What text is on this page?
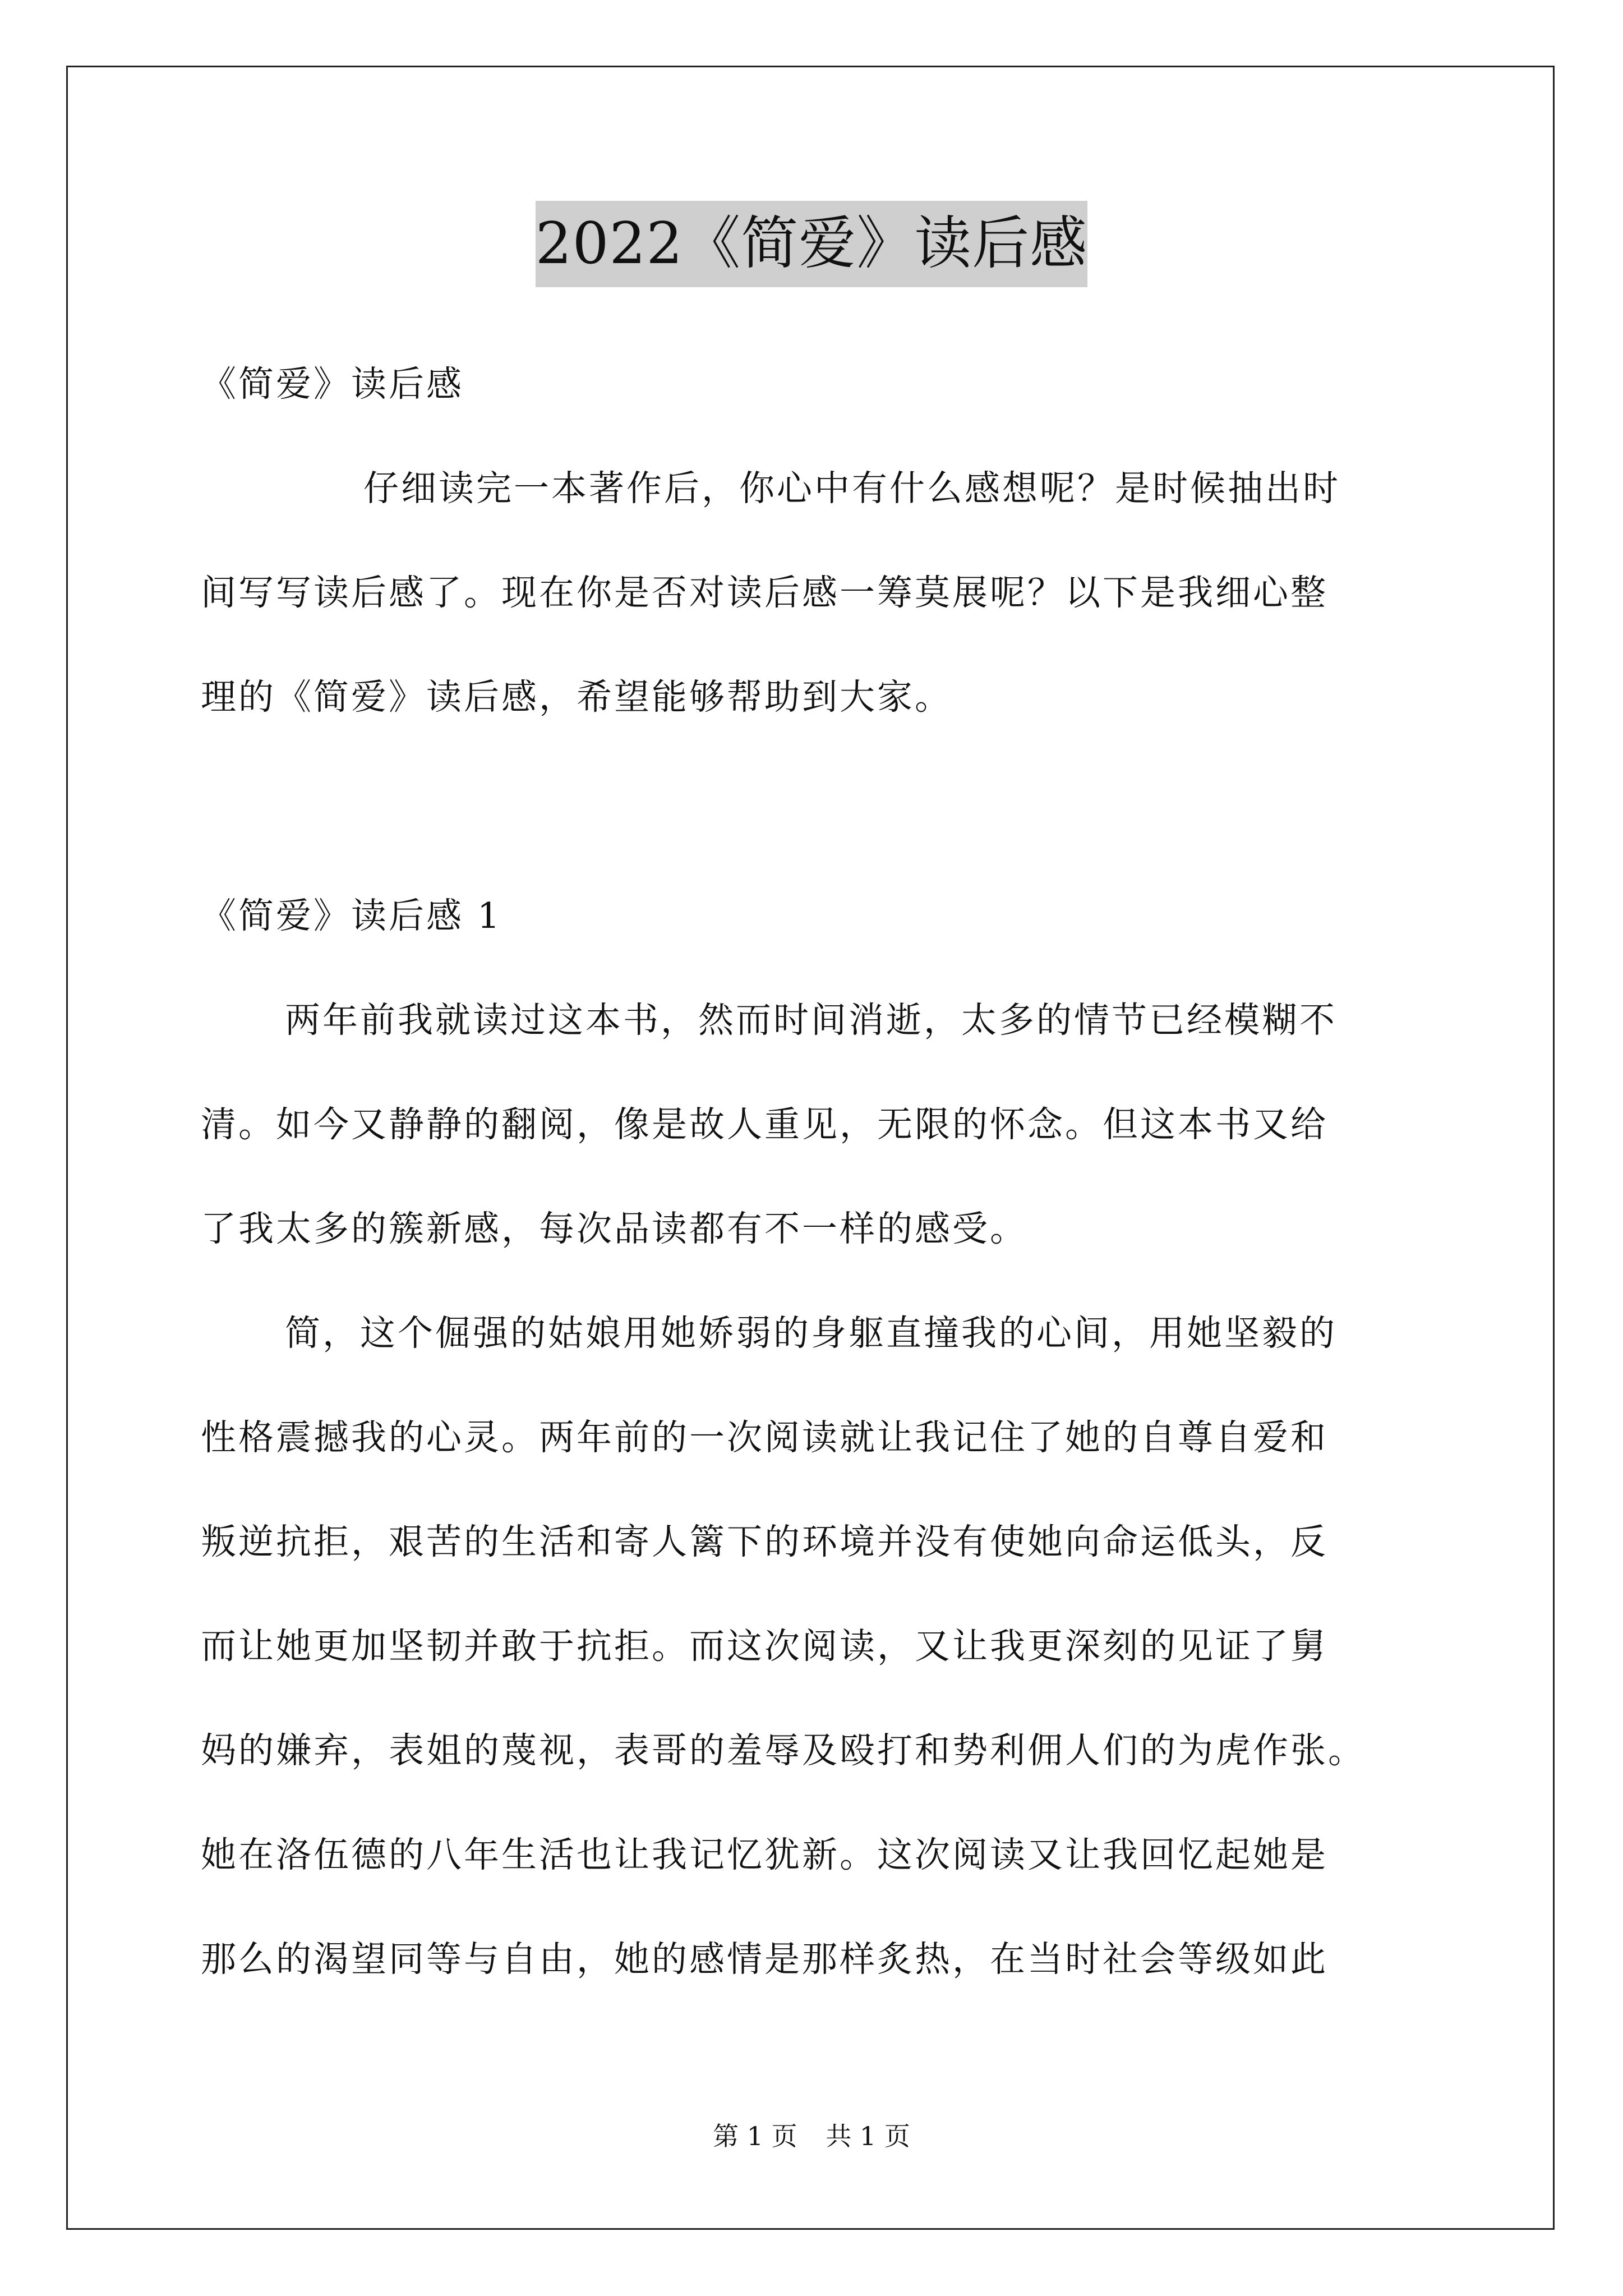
2022《简爱》读后感
《简爱》读后感
仔细读完一本著作后，你心中有什么感想呢？是时候抽出时
间写写读后感了。现在你是否对读后感一筹莫展呢？以下是我细心整
理的《简爱》读后感，希望能够帮助到大家。
《简爱》读后感 1
两年前我就读过这本书，然而时间消逝，太多的情节已经模糊不
清。如今又静静的翻阅，像是故人重见，无限的怀念。但这本书又给
了我太多的簇新感，每次品读都有不一样的感受。
简，这个倔强的姑娘用她娇弱的身躯直撞我的心间，用她坚毅的
性格震撼我的心灵。两年前的一次阅读就让我记住了她的自尊自爱和
叛逆抗拒，艰苦的生活和寄人篱下的环境并没有使她向命运低头，反
而让她更加坚韧并敢于抗拒。而这次阅读，又让我更深刻的见证了舅
妈的嫌弃，表姐的蔑视，表哥的羞辱及殴打和势利佣人们的为虎作张。
她在洛伍德的八年生活也让我记忆犹新。这次阅读又让我回忆起她是
那么的渴望同等与自由，她的感情是那样炙热，在当时社会等级如此
第 1 页 共 1 页
